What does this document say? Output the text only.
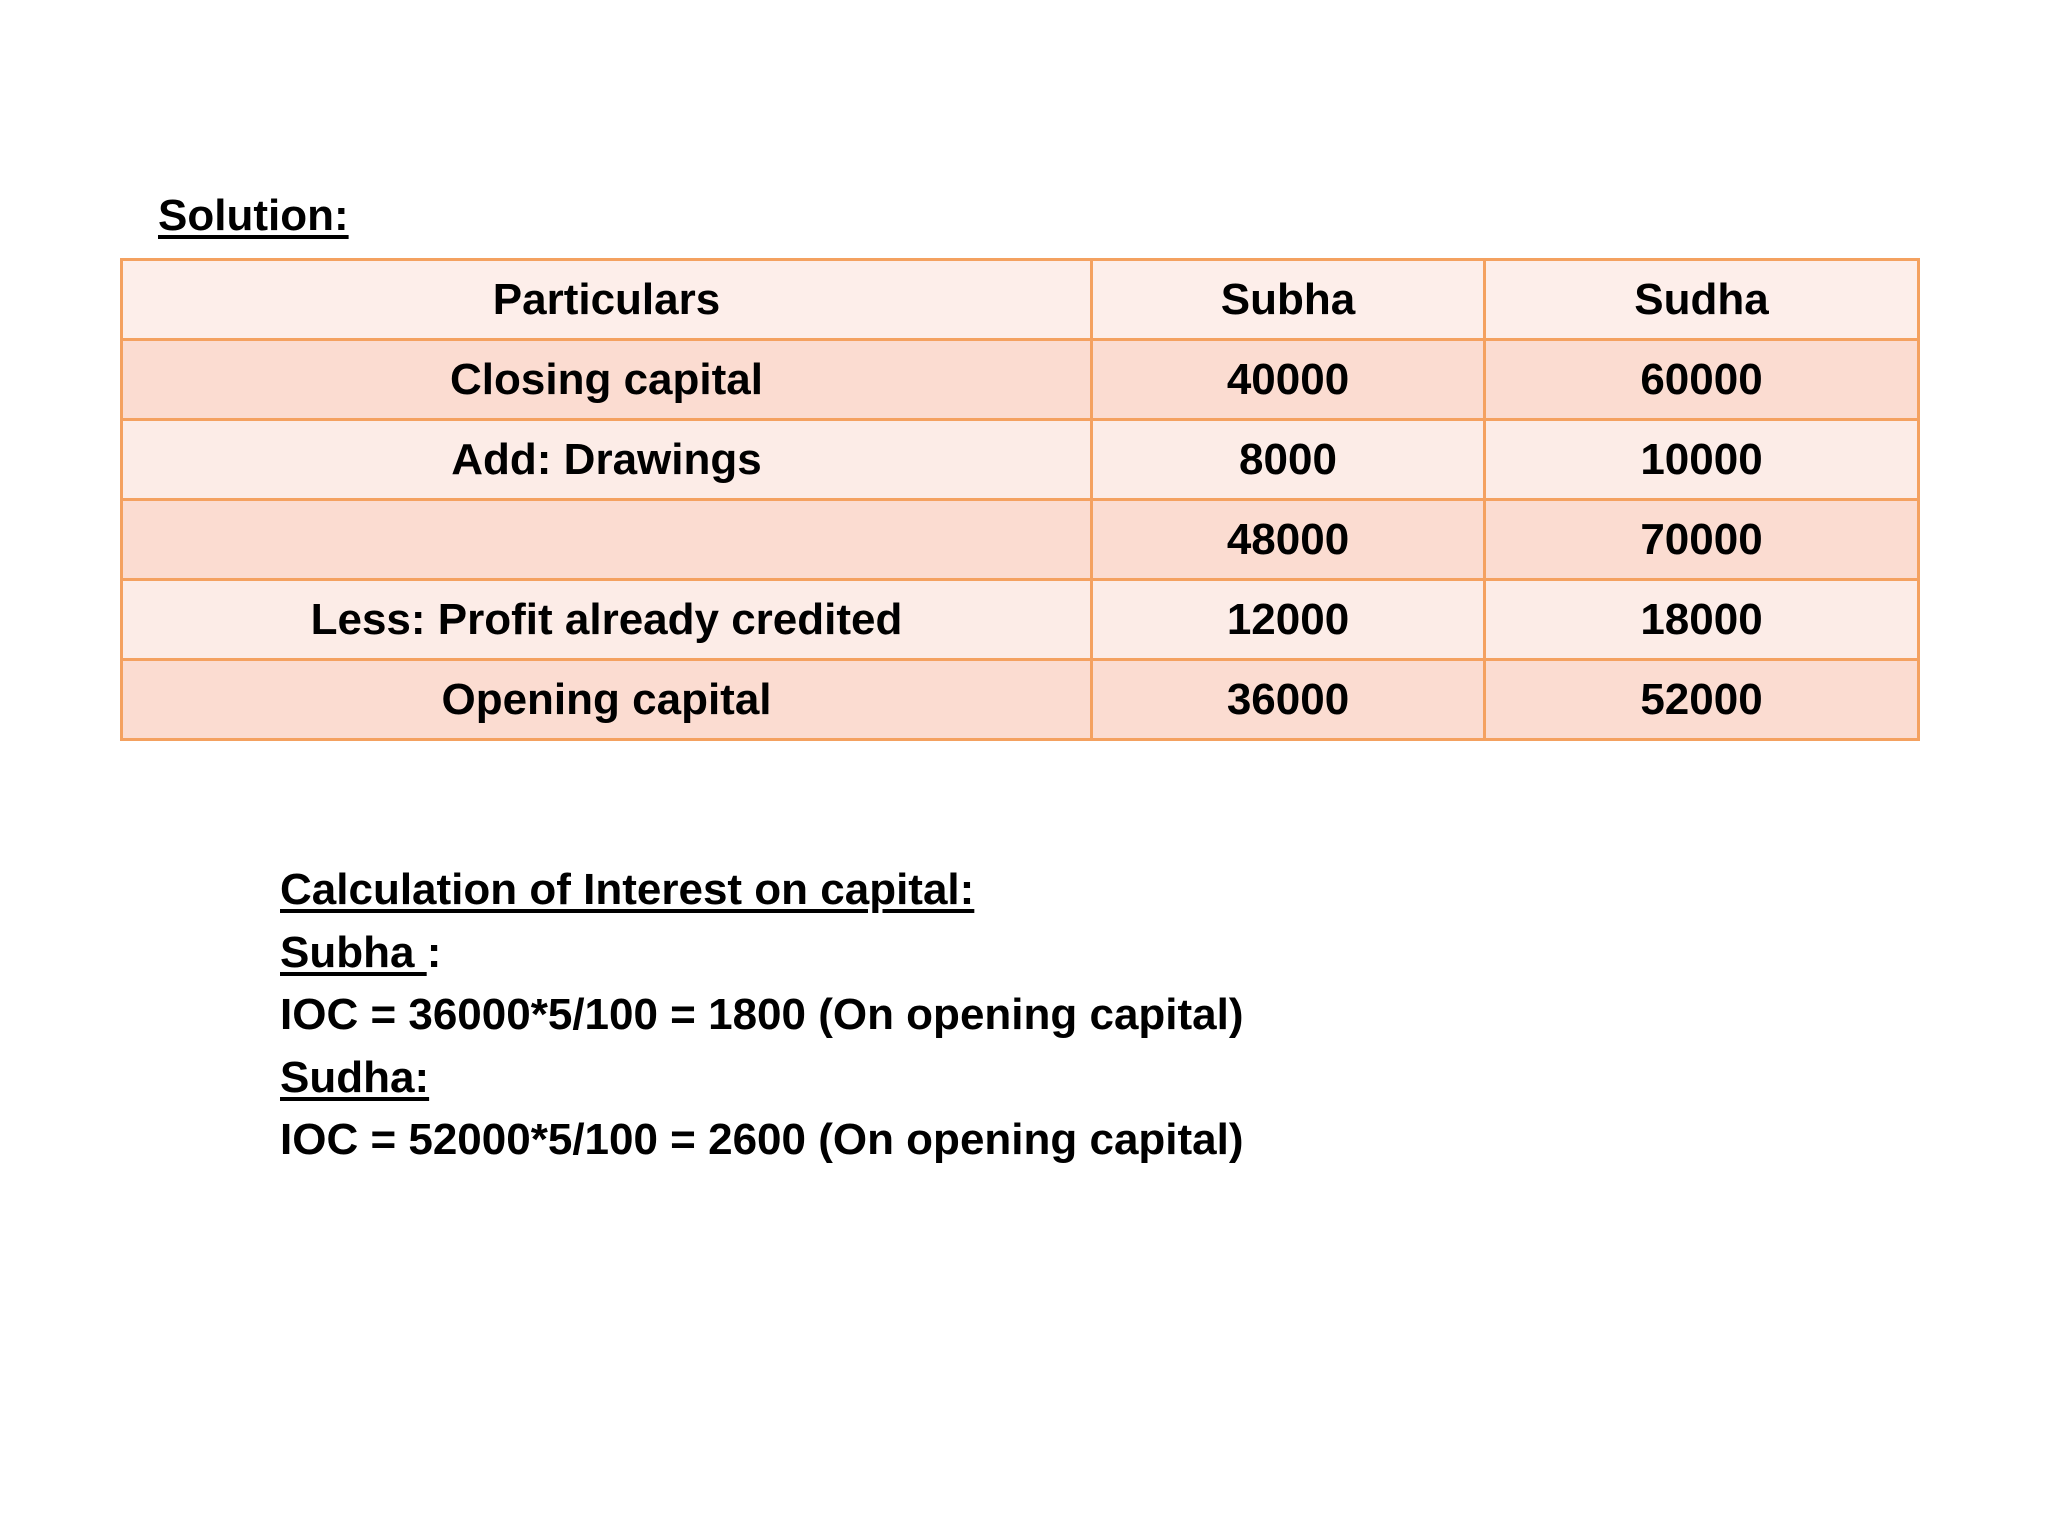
Solution:
Particulars	Subha	Sudha
Closing capital	40000	60000
Add: Drawings	8000	10000
	48000	70000
Less: Profit already credited	12000	18000
Opening capital	36000	52000
Calculation of Interest on capital:
Subha :
IOC = 36000*5/100 = 1800 (On opening capital)
Sudha:
IOC = 52000*5/100 = 2600 (On opening capital)
